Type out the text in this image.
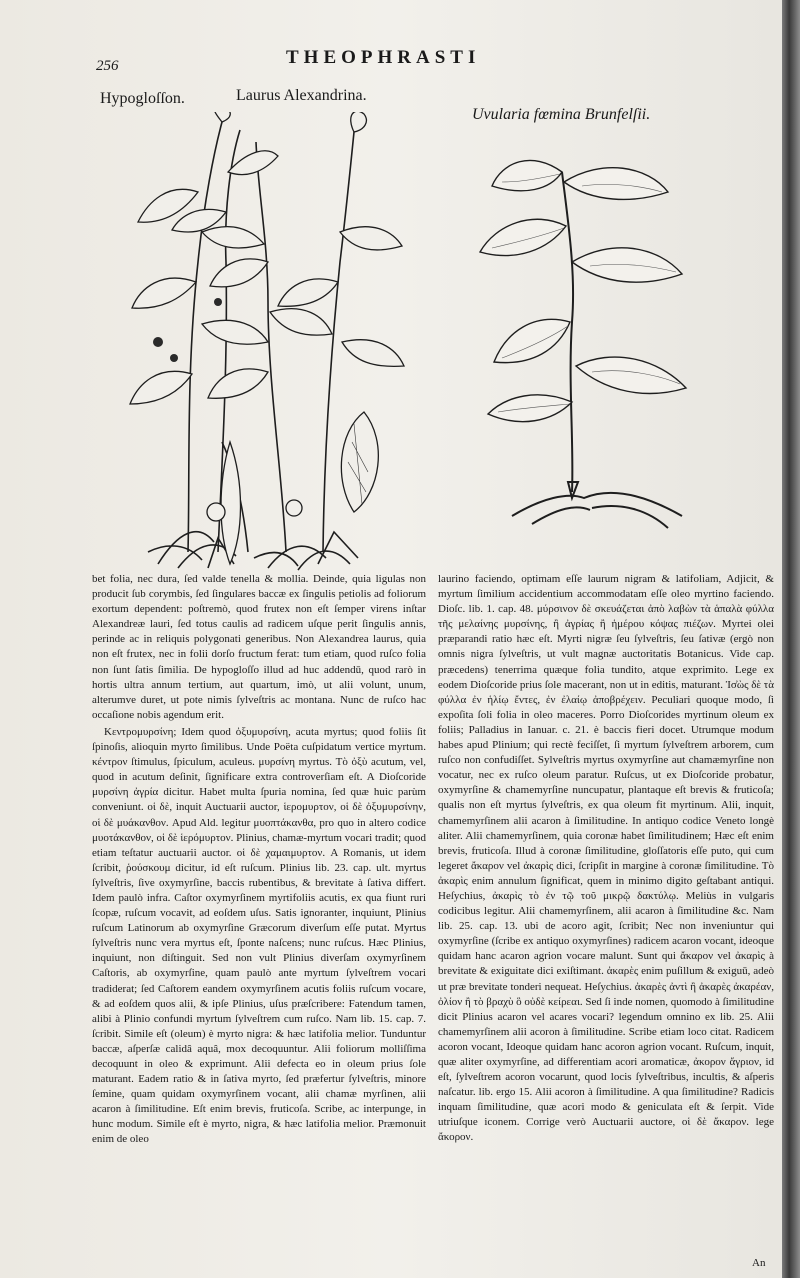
256	THEOPHRASTI
Hypogloſſon.	Laurus Alexandrina.
Uvularia fœmina Brunfelſii.

bet folia, nec dura, ſed valde tenella & mollia. Deinde, quia ligulas non producit ſub corymbis, ſed ſingulares baccæ ex ſingulis petiolis ad foliorum exortum dependent: poſtremò, quod frutex non eſt ſemper virens inſtar Alexandreæ lauri, ſed totus caulis ad radicem uſque perit ſingulis annis, perinde ac in reliquis polygonati generibus. Non Alexandrea laurus, quia non eſt frutex, nec in folii dorſo fructum ferat: tum etiam, quod ruſco folia non ſunt ſatis ſimilia. De hypogloſſo illud ad huc addendū, quod rarò in hortis ultra annum tertium, aut quartum, imò, ut alii volunt, unum, alterumve duret, ut pote nimis ſylveſtris ac montana. Nunc de ruſco hac occaſione nobis agendum erit.

Κεντρομυρσίνη; Idem quod ὀξυμυρσίνη, acuta myrtus; quod foliis ſit ſpinoſis, alioquin myrto ſimilibus. Unde Poëta cuſpidatum vertice myrtum. κέντρον ſtimulus, ſpiculum, aculeus. μυρσίνη myrtus. Τὸ ὀξὺ acutum, vel, quod in acutum deſinit, ſignificare extra controverſiam eſt. A Dioſcoride μυρσίνη ἀγρία dicitur. Habet multa ſpuria nomina, ſed quæ huic parùm conveniunt. οἱ δὲ, inquit Auctuarii auctor, ἱερομυρτον, οἱ δὲ ὀξυμυρσίνην, οἱ δὲ μυάκανθον. Apud Ald. legitur μυοπτάκανθα, pro quo in altero codice μυοτάκανθον, οἱ δὲ ἱερόμυρτον. Plinius, chamæ-myrtum vocari tradit; quod etiam teſtatur auctuarii auctor. οἱ δὲ χαμαιμυρτον. A Romanis, ut idem ſcribit, ῥούσκουμ dicitur, id eſt ruſcum. Plinius lib. 23. cap. ult. myrtus ſylveſtris, ſive oxymyrſine, baccis rubentibus, & brevitate à ſativa differt. Idem paulò infra. Caſtor oxymyrſinem myrtifoliis acutis, ex qua fiunt ruri ſcopæ, ruſcum vocavit, ad eoſdem uſus. Satis ignoranter, inquiunt, Plinius ruſcum Latinorum ab oxymyrſine Græcorum diverſum eſſe putat. Myrtus ſylveſtris nunc vera myrtus eſt, ſponte naſcens; nunc ruſcus. Hæc Plinius, inquiunt, non diſtinguit. Sed non vult Plinius diverſam oxymyrſinem Caſtoris, ab oxymyrſine, quam paulò ante myrtum ſylveſtrem vocari tradiderat; ſed Caſtorem eandem oxymyrſinem acutis foliis ruſcum vocare, & ad eoſdem quos alii, & ipſe Plinius, uſus præſcribere: Fatendum tamen, alibi à Plinio confundi myrtum ſylveſtrem cum ruſco. Nam lib. 15. cap. 7. ſcribit. Simile eſt (oleum) è myrto nigra: & hæc latifolia melior. Tunduntur baccæ, aſperſæ calidâ aquâ, mox decoquuntur. Alii foliorum molliſſima decoquunt in oleo & exprimunt. Alii defecta eo in oleum prius ſole maturant. Eadem ratio & in ſativa myrto, ſed præfertur ſylveſtris, minore ſemine, quam quidam oxymyrſinem vocant, alii chamæ myrſinen, alii acaron à ſimilitudine. Eſt enim brevis, fruticoſa. Scribe, ac interpunge, in hunc modum. Simile eſt è myrto, nigra, & hæc latifolia melior. Præmonuit enim de oleo

laurino faciendo, optimam eſſe laurum nigram & latifoliam, Adjicit, & myrtum ſimilium accidentium accommodatam eſſe oleo myrtino faciendo. Dioſc. lib. 1. cap. 48. μύρσινον δὲ σκευάζεται ἀπὸ λαβὼν τὰ ἁπαλὰ φύλλα τῆς μελαίνης μυρσίνης, ἢ ἀγρίας ἢ ἡμέρου κόψας πιέζων. Myrtei olei præparandi ratio hæc eſt. Myrti nigræ ſeu ſylveſtris, ſeu ſativæ (ergò non omnis nigra ſylveſtris, ut vult magnæ auctoritatis Botanicus. Vide cap. præcedens) tenerrima quæque folia tundito, atque exprimito. Lege ex eodem Dioſcoride prius ſole macerant, non ut in editis, maturant. Ἰσ̓ὼς δὲ τὰ φύλλα ἐν ἡλίῳ ἔντες, ἐν ἐλαίῳ ἀποβρέχειν. Peculiari quoque modo, ſi expoſita ſoli folia in oleo maceres. Porro Dioſcorides myrtinum oleum ex foliis; Palladius in Ianuar. c. 21. è baccis fieri docet. Utrumque modum habes apud Plinium; qui rectè feciſſet, ſi myrtum ſylveſtrem arborem, cum ruſco non confudiſſet. Sylveſtris myrtus oxymyrſine aut chamæmyrſine non vocatur, nec ex ruſco oleum paratur. Ruſcus, ut ex Dioſcoride probatur, oxymyrſine & chamemyrſine nuncupatur, plantaque eſt brevis & fruticoſa; qualis non eſt myrtus ſylveſtris, ex qua oleum fit myrtinum. Alii, inquit, chamemyrſinem alii acaron à ſimilitudine. In antiquo codice Veneto longè aliter. Alii chamemyrſinem, quia coronæ habet ſimilitudinem; Hæc eſt enim brevis, fruticoſa. Illud à coronæ ſimilitudine, gloſſatoris eſſe puto, qui cum legeret ἄκαρον vel ἀκαρὶς dici, ſcripſit in margine à coronæ ſimilitudine. Τὸ ἀκαρὶς enim annulum ſignificat, quem in minimo digito geſtabant antiqui. Heſychius, ἀκαρὶς τὸ ἐν τῷ τοῦ μικρῷ δακτύλῳ. Meliùs in vulgaris codicibus legitur. Alii chamemyrſinem, alii acaron à ſimilitudine &c. Nam lib. 25. cap. 13. ubi de acoro agit, ſcribit; Nec non inveniuntur qui oxymyrſine (ſcribe ex antiquo oxymyrſines) radicem acaron vocant, ideoque quidam hanc acaron agrion vocare malunt. Sunt qui ἄκαρον vel ἀκαρὶς à brevitate & exiguitate dici exiſtimant. ἀκαρὲς enim puſillum & exiguū, adeò ut præ brevitate tonderi nequeat. Heſychius. ἀκαρὲς ἀντὶ ἢ ἀκαρὲς ἀκαρέαν, ὀλίον ἢ τὸ βραχὺ ὃ οὐδὲ κείρεαι. Sed ſi inde nomen, quomodo à ſimilitudine dicit Plinius acaron vel acares vocari? legendum omnino ex lib. 25. Alii chamemyrſinem alii acoron à ſimilitudine. Scribe etiam loco citat. Radicem acoron vocant, Ideoque quidam hanc acoron agrion vocant. Ruſcum, inquit, quæ aliter oxymyrſine, ad differentiam acori aromaticæ, ἀκορον ἄγριον, id eſt, ſylveſtrem acoron vocarunt, quod locis ſylveſtribus, incultis, & aſperis naſcatur. lib. ergo 15. Alii acoron à ſimilitudine. A qua ſimilitudine? Radicis inquam ſimilitudine, quæ acori modo & geniculata eſt & ſerpit. Vide utriuſque iconem. Corrige verò Auctuarii auctore, οἱ δὲ ἄκαρον. lege ἄκορον.

An
